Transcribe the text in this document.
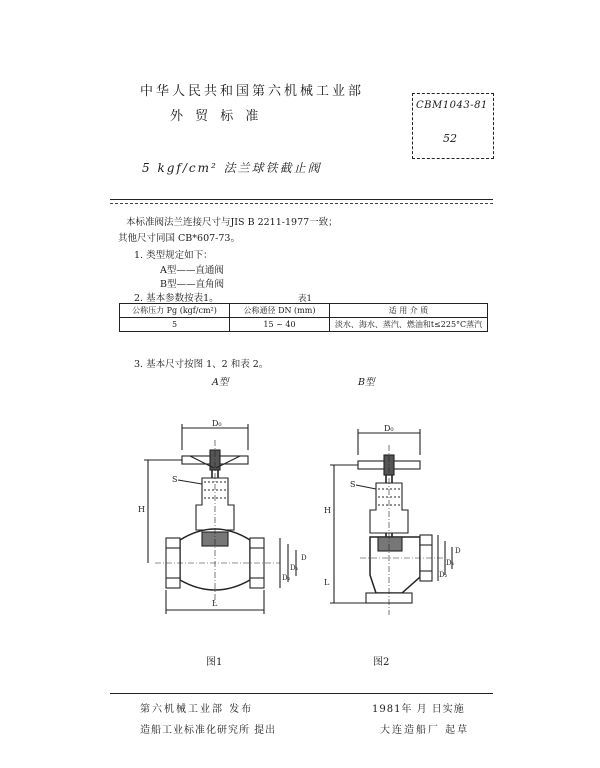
中华人民共和国第六机械工业部
外 贸 标 准
CBM1043-81
52
5 kgf/cm² 法兰球铁截止阀
本标准阀法兰连接尺寸与JIS B 2211-1977一致；
其他尺寸同国 CB*607-73。
1. 类型规定如下：
A型——直通阀
B型——直角阀
2. 基本参数按表1。	表1
公称压力 Pg (kgf/cm²)	公称通径 DN (mm)	适 用 介 质
5	15 ~ 40	淡水、海水、蒸汽、燃油和t≤225°C蒸汽
3. 基本尺寸按图 1、2 和表 2。
A型	B型
D₀
H
S
D
D₁
D₂
L
D₀
H
L
S
D
D₁
D₂
图1	图2
第六机械工业部 发布	1981年 月 日实施
造船工业标准化研究所 提出	大连造船厂 起草
